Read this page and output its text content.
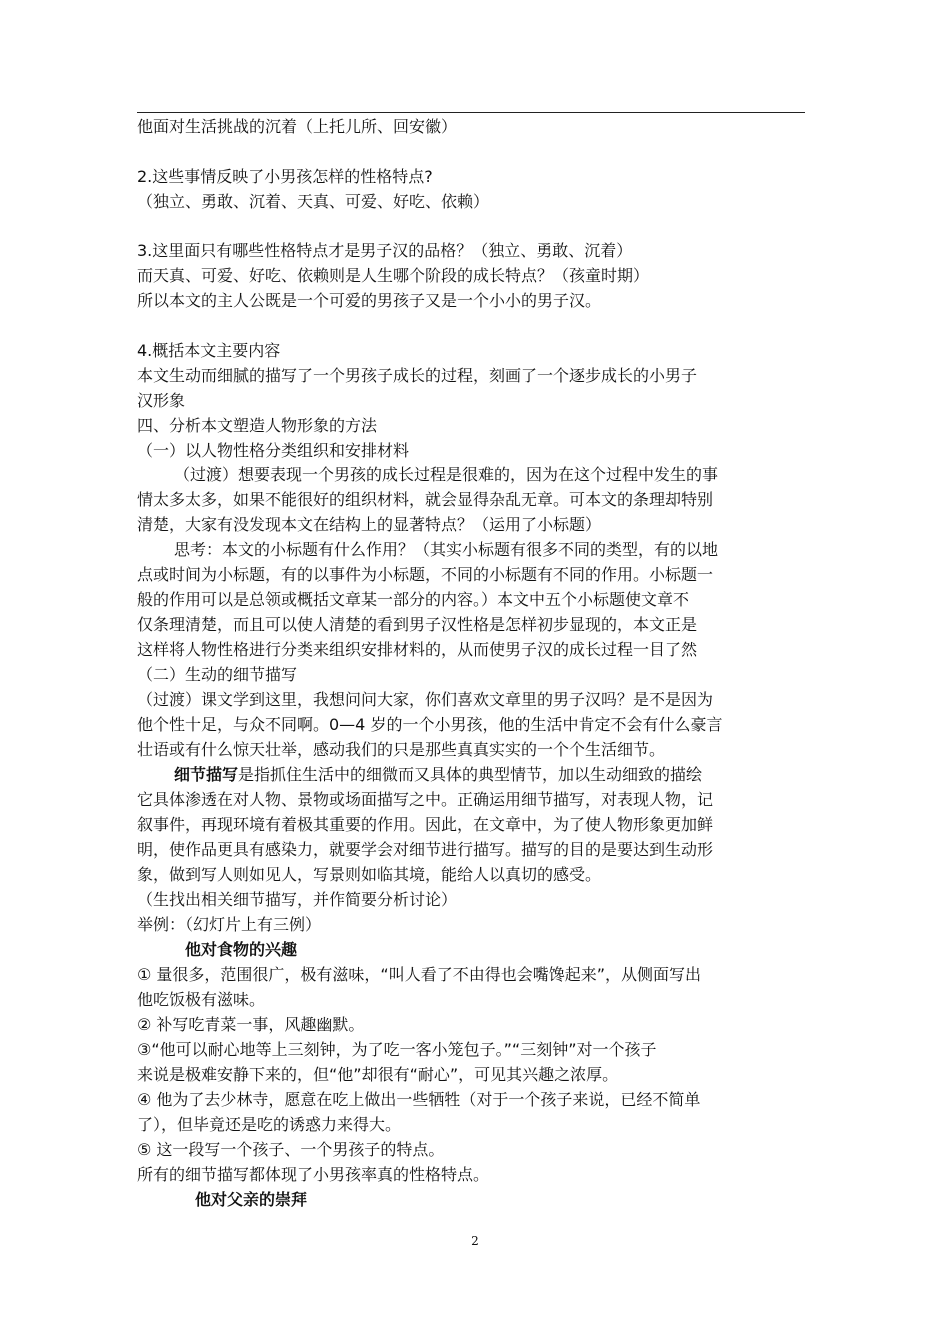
他面对生活挑战的沉着（上托儿所、回安徽）
2.这些事情反映了小男孩怎样的性格特点?
（独立、勇敢、沉着、天真、可爱、好吃、依赖）
3.这里面只有哪些性格特点才是男子汉的品格？（独立、勇敢、沉着）
而天真、可爱、好吃、依赖则是人生哪个阶段的成长特点？（孩童时期）
所以本文的主人公既是一个可爱的男孩子又是一个小小的男子汉。
4.概括本文主要内容
本文生动而细腻的描写了一个男孩子成长的过程，刻画了一个逐步成长的小男子
汉形象
四、分析本文塑造人物形象的方法
（一）以人物性格分类组织和安排材料
（过渡）想要表现一个男孩的成长过程是很难的，因为在这个过程中发生的事
情太多太多，如果不能很好的组织材料，就会显得杂乱无章。可本文的条理却特别
清楚，大家有没发现本文在结构上的显著特点？（运用了小标题）
思考：本文的小标题有什么作用？（其实小标题有很多不同的类型，有的以地
点或时间为小标题，有的以事件为小标题，不同的小标题有不同的作用。小标题一
般的作用可以是总领或概括文章某一部分的内容。）本文中五个小标题使文章不
仅条理清楚，而且可以使人清楚的看到男子汉性格是怎样初步显现的，本文正是
这样将人物性格进行分类来组织安排材料的，从而使男子汉的成长过程一目了然
（二）生动的细节描写
（过渡）课文学到这里，我想问问大家，你们喜欢文章里的男子汉吗？是不是因为
他个性十足，与众不同啊。0—4 岁的一个小男孩，他的生活中肯定不会有什么豪言
壮语或有什么惊天壮举，感动我们的只是那些真真实实的一个个生活细节。
细节描写是指抓住生活中的细微而又具体的典型情节，加以生动细致的描绘
它具体渗透在对人物、景物或场面描写之中。正确运用细节描写，对表现人物，记
叙事件，再现环境有着极其重要的作用。因此，在文章中，为了使人物形象更加鲜
明，使作品更具有感染力，就要学会对细节进行描写。描写的目的是要达到生动形
象，做到写人则如见人，写景则如临其境，能给人以真切的感受。
（生找出相关细节描写，并作简要分析讨论）
举例：（幻灯片上有三例）
他对食物的兴趣
① 量很多，范围很广，极有滋味，“叫人看了不由得也会嘴馋起来”，从侧面写出
他吃饭极有滋味。
② 补写吃青菜一事，风趣幽默。
③“他可以耐心地等上三刻钟，为了吃一客小笼包子。”“三刻钟”对一个孩子
来说是极难安静下来的，但“他”却很有“耐心”，可见其兴趣之浓厚。
④ 他为了去少林寺，愿意在吃上做出一些牺牲（对于一个孩子来说，已经不简单
了），但毕竟还是吃的诱惑力来得大。
⑤ 这一段写一个孩子、一个男孩子的特点。
所有的细节描写都体现了小男孩率真的性格特点。
他对父亲的崇拜
2
